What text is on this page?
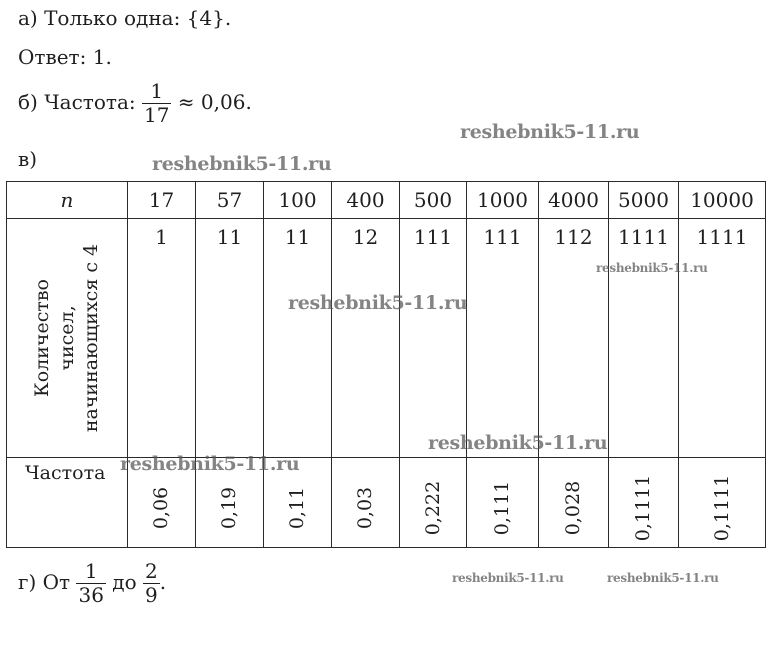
а) Только одна: {4}.
Ответ: 1.
б) Частота: $\frac{1}{17} \approx 0,06$.
в)
n	17	57	100	400	500	1000	4000	5000	10000

Количество чисел, начинающихся с 4	1	11	11	12	111	111	112	1111	1111

Частота	0,06	0,19	0,11	0,03	0,222	0,111	0,028	0,1111	0,1111
г) От $\frac{1}{36}$ до $\frac{2}{9}$ .
reshebnik5-11.ru
reshebnik5-11.ru
reshebnik5-11.ru
reshebnik5-11.ru
reshebnik5-11.ru
reshebnik5-11.ru
reshebnik5-11.ru	reshebnik5-11.ru
